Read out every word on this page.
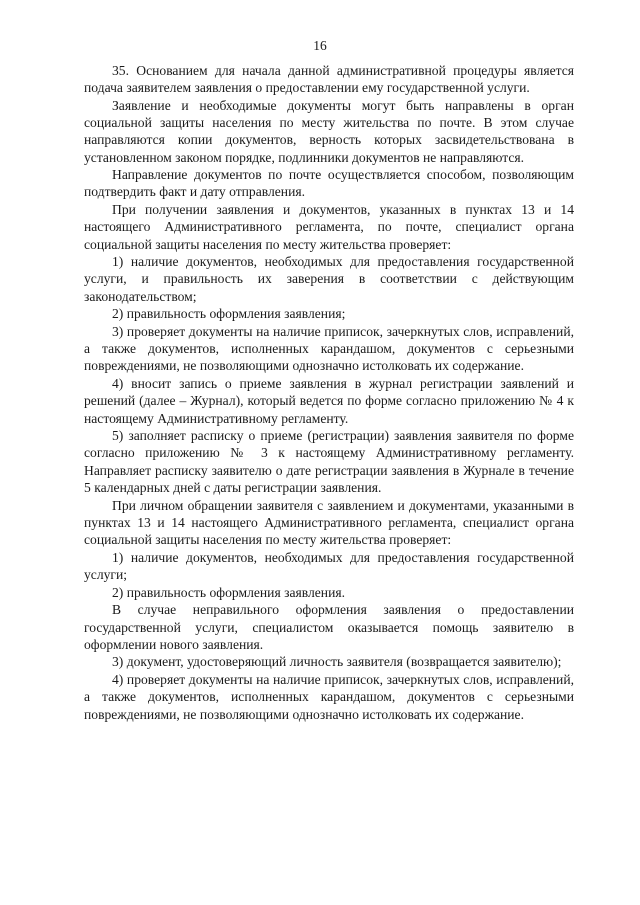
16

35. Основанием для начала данной административной процедуры является подача заявителем заявления о предоставлении ему государственной услуги.

Заявление и необходимые документы могут быть направлены в орган социальной защиты населения по месту жительства по почте. В этом случае направляются копии документов, верность которых засвидетельствована в установленном законом порядке, подлинники документов не направляются.

Направление документов по почте осуществляется способом, позволяющим подтвердить факт и дату отправления.

При получении заявления и документов, указанных в пунктах 13 и 14 настоящего Административного регламента, по почте, специалист органа социальной защиты населения по месту жительства проверяет:

1) наличие документов, необходимых для предоставления государственной услуги, и правильность их заверения в соответствии с действующим законодательством;

2) правильность оформления заявления;

3) проверяет документы на наличие приписок, зачеркнутых слов, исправлений, а также документов, исполненных карандашом, документов с серьезными повреждениями, не позволяющими однозначно истолковать их содержание.

4) вносит запись о приеме заявления в журнал регистрации заявлений и решений (далее – Журнал), который ведется по форме согласно приложению № 4 к настоящему Административному регламенту.

5) заполняет расписку о приеме (регистрации) заявления заявителя по форме согласно приложению № 3 к настоящему Административному регламенту. Направляет расписку заявителю о дате регистрации заявления в Журнале в течение 5 календарных дней с даты регистрации заявления.

При личном обращении заявителя с заявлением и документами, указанными в пунктах 13 и 14 настоящего Административного регламента, специалист органа социальной защиты населения по месту жительства проверяет:

1) наличие документов, необходимых для предоставления государственной услуги;

2) правильность оформления заявления.

В случае неправильного оформления заявления о предоставлении государственной услуги, специалистом оказывается помощь заявителю в оформлении нового заявления.

3) документ, удостоверяющий личность заявителя (возвращается заявителю);

4) проверяет документы на наличие приписок, зачеркнутых слов, исправлений, а также документов, исполненных карандашом, документов с серьезными повреждениями, не позволяющими однозначно истолковать их содержание.
